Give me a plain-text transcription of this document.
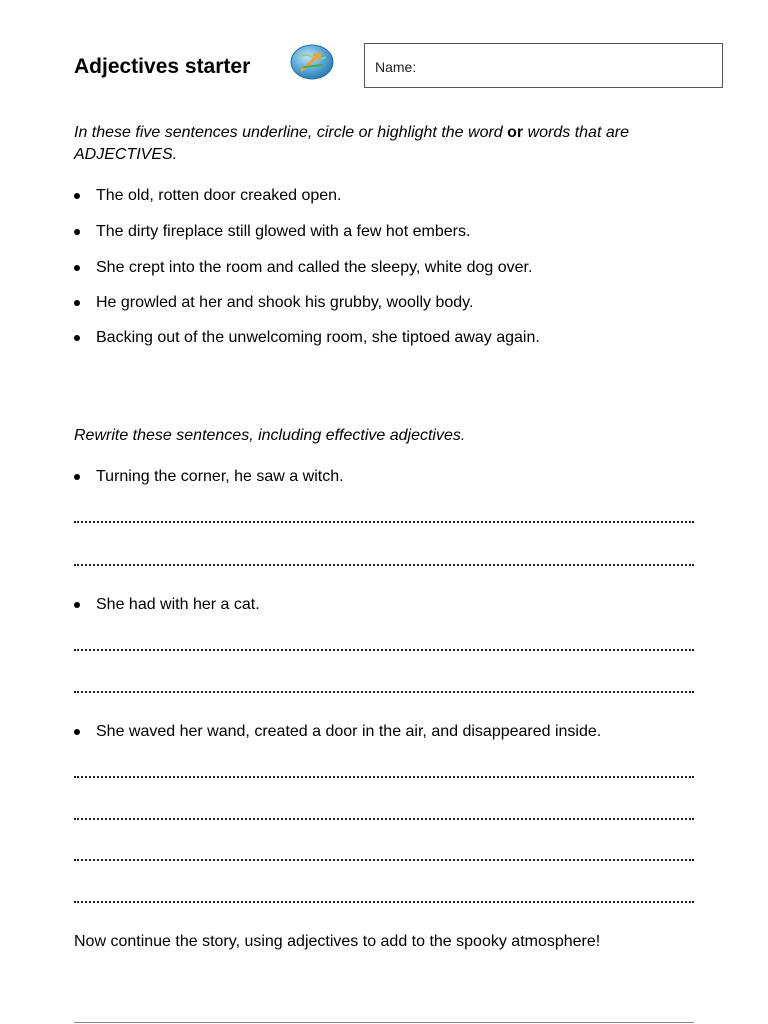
Adjectives starter	Name:

In these five sentences underline, circle or highlight the word or words that are ADJECTIVES.

The old, rotten door creaked open.
The dirty fireplace still glowed with a few hot embers.
She crept into the room and called the sleepy, white dog over.
He growled at her and shook his grubby, woolly body.
Backing out of the unwelcoming room, she tiptoed away again.

Rewrite these sentences, including effective adjectives.

Turning the corner, he saw a witch.
She had with her a cat.
She waved her wand, created a door in the air, and disappeared inside.

Now continue the story, using adjectives to add to the spooky atmosphere!
